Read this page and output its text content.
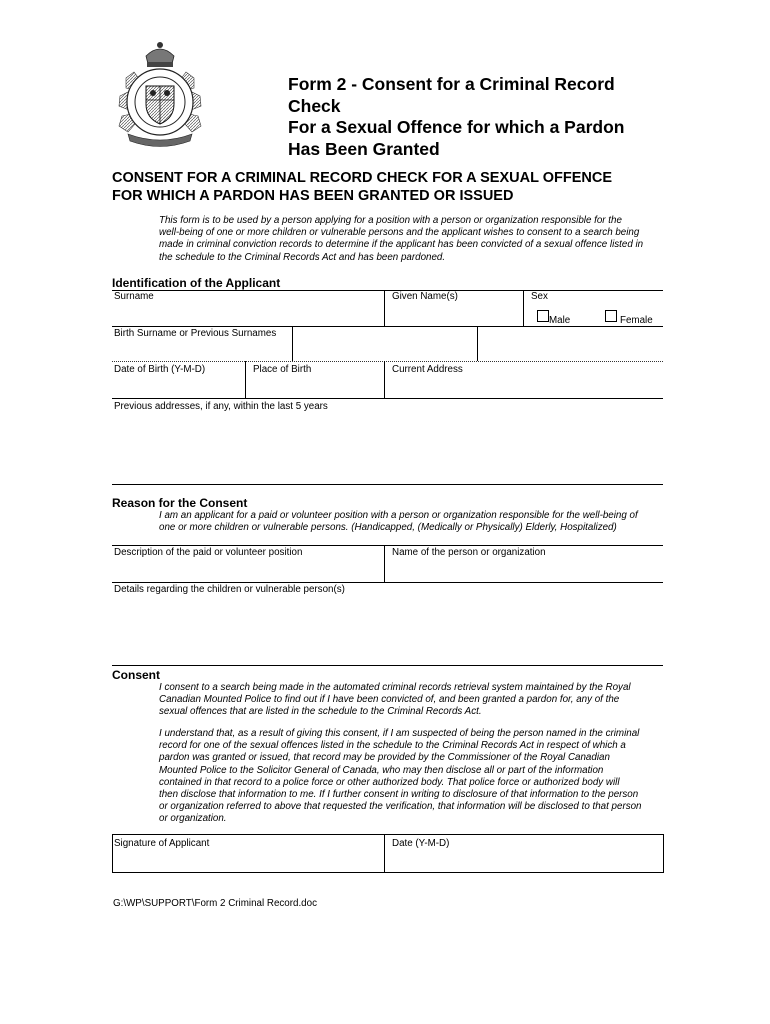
Form 2 - Consent for a Criminal Record
Check
For a Sexual Offence for which a Pardon
Has Been Granted
CONSENT FOR A CRIMINAL RECORD CHECK FOR A SEXUAL OFFENCE
FOR WHICH A PARDON HAS BEEN GRANTED OR ISSUED
This form is to be used by a person applying for a position with a person or organization responsible for the
well-being of one or more children or vulnerable persons and the applicant wishes to consent to a search being
made in criminal conviction records to determine if the applicant has been convicted of a sexual offence listed in
the schedule to the Criminal Records Act and has been pardoned.
Identification of the Applicant
Surname	Given Name(s)	Sex
Male	Female
Birth Surname or Previous Surnames
Date of Birth (Y-M-D)	Place of Birth	Current Address
Previous addresses, if any, within the last 5 years
Reason for the Consent
I am an applicant for a paid or volunteer position with a person or organization responsible for the well-being of
one or more children or vulnerable persons. (Handicapped, (Medically or Physically) Elderly, Hospitalized)
Description of the paid or volunteer position	Name of the person or organization
Details regarding the children or vulnerable person(s)
Consent
I consent to a search being made in the automated criminal records retrieval system maintained by the Royal
Canadian Mounted Police to find out if I have been convicted of, and been granted a pardon for, any of the
sexual offences that are listed in the schedule to the Criminal Records Act.
I understand that, as a result of giving this consent, if I am suspected of being the person named in the criminal
record for one of the sexual offences listed in the schedule to the Criminal Records Act in respect of which a
pardon was granted or issued, that record may be provided by the Commissioner of the Royal Canadian
Mounted Police to the Solicitor General of Canada, who may then disclose all or part of the information
contained in that record to a police force or other authorized body. That police force or authorized body will
then disclose that information to me. If I further consent in writing to disclosure of that information to the person
or organization referred to above that requested the verification, that information will be disclosed to that person
or organization.
Signature of Applicant	Date (Y-M-D)
G:\WP\SUPPORT\Form 2 Criminal Record.doc
